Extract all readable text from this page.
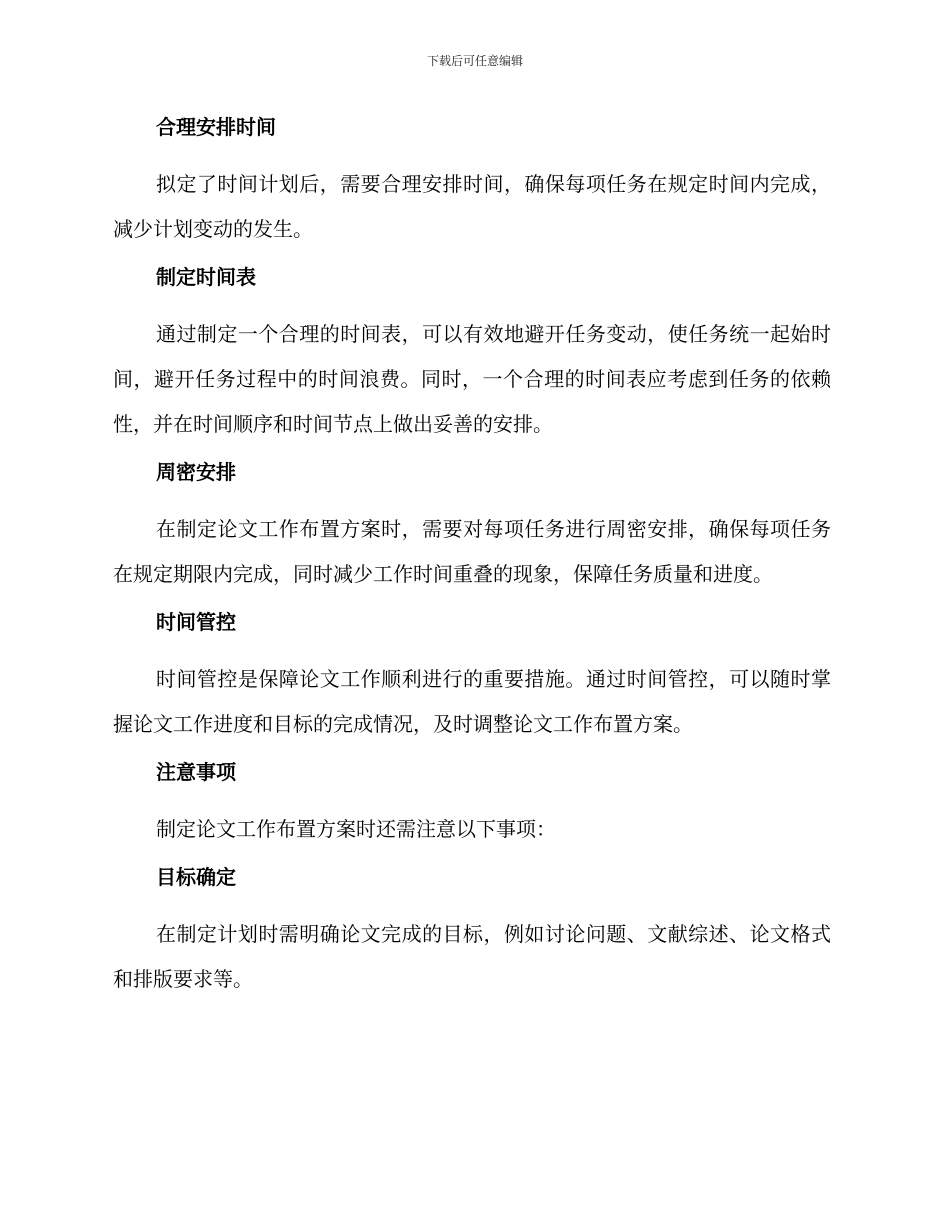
下载后可任意编辑
合理安排时间

拟定了时间计划后，需要合理安排时间，确保每项任务在规定时间内完成，减少计划变动的发生。

制定时间表

通过制定一个合理的时间表，可以有效地避开任务变动，使任务统一起始时间，避开任务过程中的时间浪费。同时，一个合理的时间表应考虑到任务的依赖性，并在时间顺序和时间节点上做出妥善的安排。

周密安排

在制定论文工作布置方案时，需要对每项任务进行周密安排，确保每项任务在规定期限内完成，同时减少工作时间重叠的现象，保障任务质量和进度。

时间管控

时间管控是保障论文工作顺利进行的重要措施。通过时间管控，可以随时掌握论文工作进度和目标的完成情况，及时调整论文工作布置方案。

注意事项

制定论文工作布置方案时还需注意以下事项：

目标确定

在制定计划时需明确论文完成的目标，例如讨论问题、文献综述、论文格式和排版要求等。
